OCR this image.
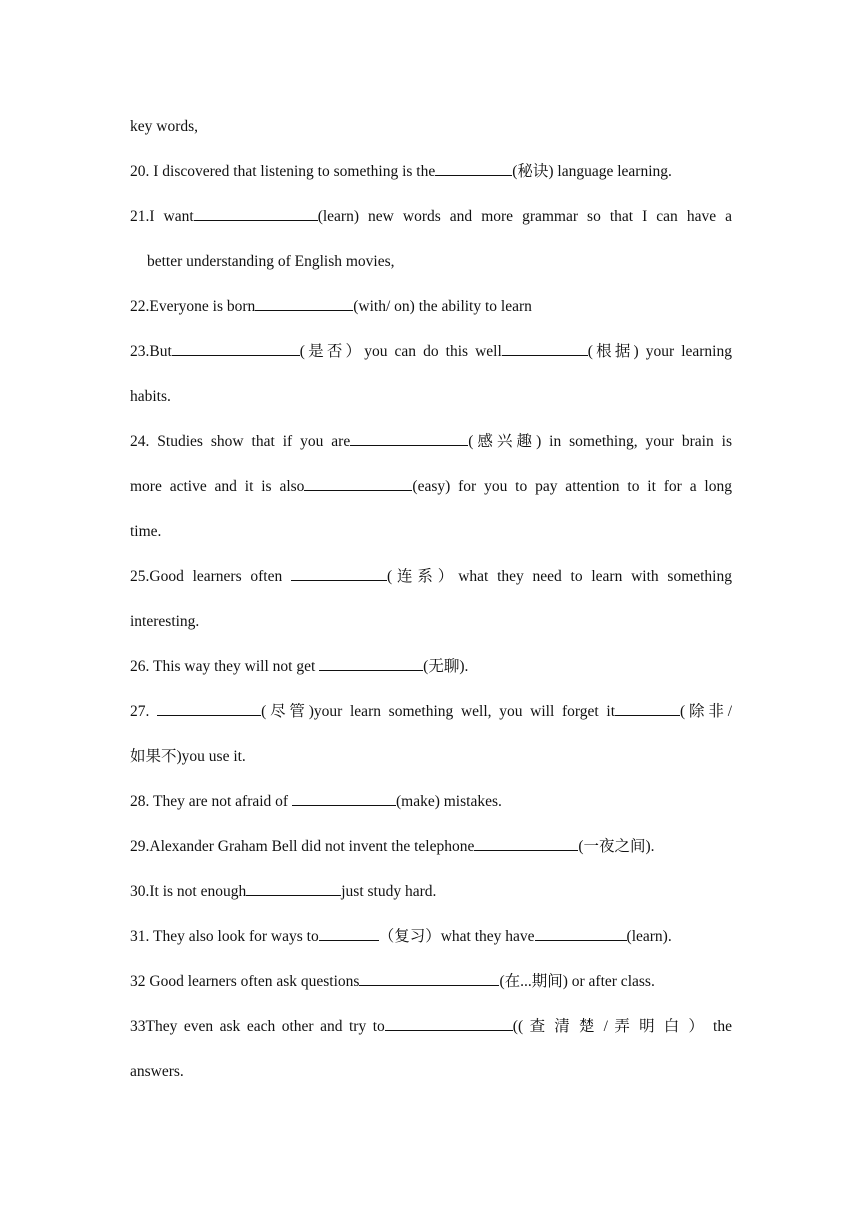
key words,
20. I discovered that listening to something is the	(秘诀) language learning.
21.I want	(learn) new words and more grammar so that I can have a
better understanding of English movies,
22.Everyone is born	(with/ on) the ability to learn
23.But	(是否）you can do this well	(根据) your learning
habits.
24. Studies show that if you are	(感兴趣) in something, your brain is
more active and it is also	(easy) for you to pay attention to it for a long
time.
25.Good learners often	(连系）what they need to learn with something
interesting.
26. This way they will not get	(无聊).
27.	(尽管)your learn something well, you will forget it	(除非/
如果不)you use it.
28. They are not afraid of	(make) mistakes.
29.Alexander Graham Bell did not invent the telephone	(一夜之间).
30.It is not enough	just study hard.
31. They also look for ways to	（复习）what they have	(learn).
32 Good learners often ask questions	(在...期间) or after class.
33They even ask each other and try to	(( 查 清 楚 / 弄 明 白 ） the
answers.
